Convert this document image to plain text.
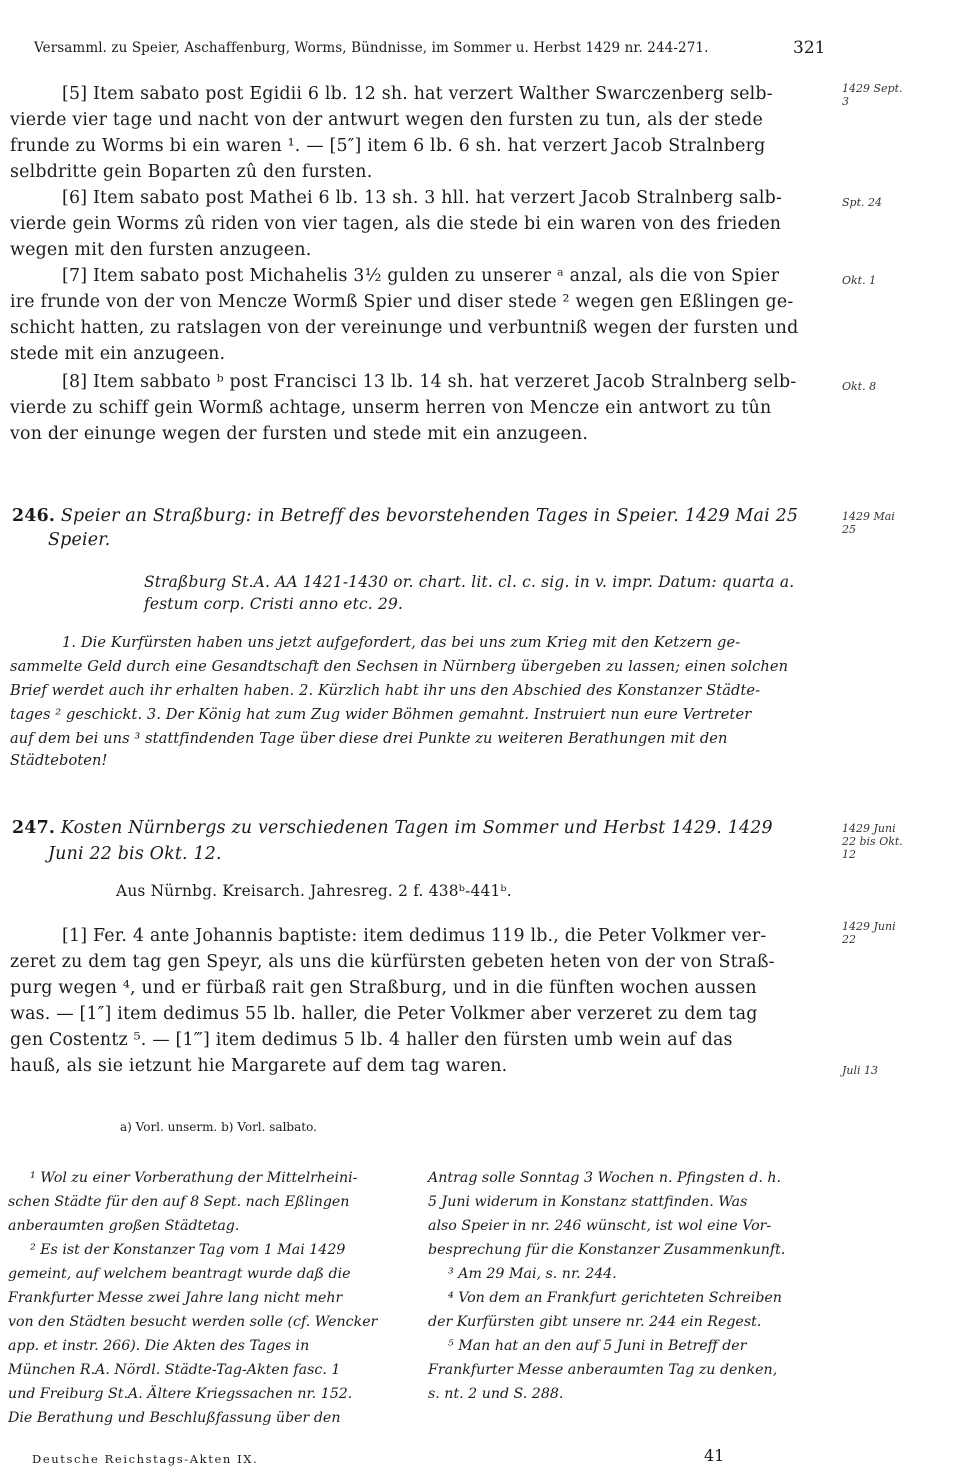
Versamml. zu Speier, Aschaffenburg, Worms, Bündnisse, im Sommer u. Herbst 1429 nr. 244-271.	321
[5] Item sabato post Egidii 6 lb. 12 sh. hat verzert Walther Swarczenberg selb-
vierde vier tage und nacht von der antwurt wegen den fursten zu tun, als der stede
frunde zu Worms bi ein waren ¹. — [5″] item 6 lb. 6 sh. hat verzert Jacob Stralnberg
selbdritte gein Boparten zû den fursten.
[6] Item sabato post Mathei 6 lb. 13 sh. 3 hll. hat verzert Jacob Stralnberg salb-
vierde gein Worms zû riden von vier tagen, als die stede bi ein waren von des frieden
wegen mit den fursten anzugeen.
[7] Item sabato post Michahelis 3½ gulden zu unserer ᵃ anzal, als die von Spier
ire frunde von der von Mencze Wormß Spier und diser stede ² wegen gen Eßlingen ge-
schicht hatten, zu ratslagen von der vereinunge und verbuntniß wegen der fursten und
stede mit ein anzugeen.
[8] Item sabbato ᵇ post Francisci 13 lb. 14 sh. hat verzeret Jacob Stralnberg selb-
vierde zu schiff gein Wormß achtage, unserm herren von Mencze ein antwort zu tûn
von der einunge wegen der fursten und stede mit ein anzugeen.
1429 Sept. 3
Spt. 24
Okt. 1
Okt. 8
246. Speier an Straßburg: in Betreff des bevorstehenden Tages in Speier. 1429 Mai 25
Speier.
1429 Mai 25
Straßburg St.A. AA 1421-1430 or. chart. lit. cl. c. sig. in v. impr. Datum: quarta a.
festum corp. Cristi anno etc. 29.
1. Die Kurfürsten haben uns jetzt aufgefordert, das bei uns zum Krieg mit den Ketzern ge-
sammelte Geld durch eine Gesandtschaft den Sechsen in Nürnberg übergeben zu lassen; einen solchen
Brief werdet auch ihr erhalten haben. 2. Kürzlich habt ihr uns den Abschied des Konstanzer Städte-
tages ² geschickt. 3. Der König hat zum Zug wider Böhmen gemahnt. Instruiert nun eure Vertreter
auf dem bei uns ³ stattfindenden Tage über diese drei Punkte zu weiteren Berathungen mit den
Städteboten!
247. Kosten Nürnbergs zu verschiedenen Tagen im Sommer und Herbst 1429. 1429
Juni 22 bis Okt. 12.
1429 Juni 22 bis Okt. 12
Aus Nürnbg. Kreisarch. Jahresreg. 2 f. 438ᵇ-441ᵇ.
[1] Fer. 4 ante Johannis baptiste: item dedimus 119 lb., die Peter Volkmer ver-
zeret zu dem tag gen Speyr, als uns die kürfürsten gebeten heten von der von Straß-
purg wegen ⁴, und er fürbaß rait gen Straßburg, und in die fünften wochen aussen
was. — [1″] item dedimus 55 lb. haller, die Peter Volkmer aber verzeret zu dem tag
gen Costentz ⁵. — [1‴] item dedimus 5 lb. 4 haller den fürsten umb wein auf das
hauß, als sie ietzunt hie Margarete auf dem tag waren.
1429 Juni 22
Juli 13
a) Vorl. unserm. b) Vorl. salbato.
¹ Wol zu einer Vorberathung der Mittelrheini-
schen Städte für den auf 8 Sept. nach Eßlingen
anberaumten großen Städtetag.
² Es ist der Konstanzer Tag vom 1 Mai 1429
gemeint, auf welchem beantragt wurde daß die
Frankfurter Messe zwei Jahre lang nicht mehr
von den Städten besucht werden solle (cf. Wencker
app. et instr. 266). Die Akten des Tages in
München R.A. Nördl. Städte-Tag-Akten fasc. 1
und Freiburg St.A. Ältere Kriegssachen nr. 152.
Die Berathung und Beschlußfassung über den
Antrag solle Sonntag 3 Wochen n. Pfingsten d. h.
5 Juni widerum in Konstanz stattfinden. Was
also Speier in nr. 246 wünscht, ist wol eine Vor-
besprechung für die Konstanzer Zusammenkunft.
³ Am 29 Mai, s. nr. 244.
⁴ Von dem an Frankfurt gerichteten Schreiben
der Kurfürsten gibt unsere nr. 244 ein Regest.
⁵ Man hat an den auf 5 Juni in Betreff der
Frankfurter Messe anberaumten Tag zu denken,
s. nt. 2 und S. 288.
Deutsche Reichstags-Akten IX.	41
